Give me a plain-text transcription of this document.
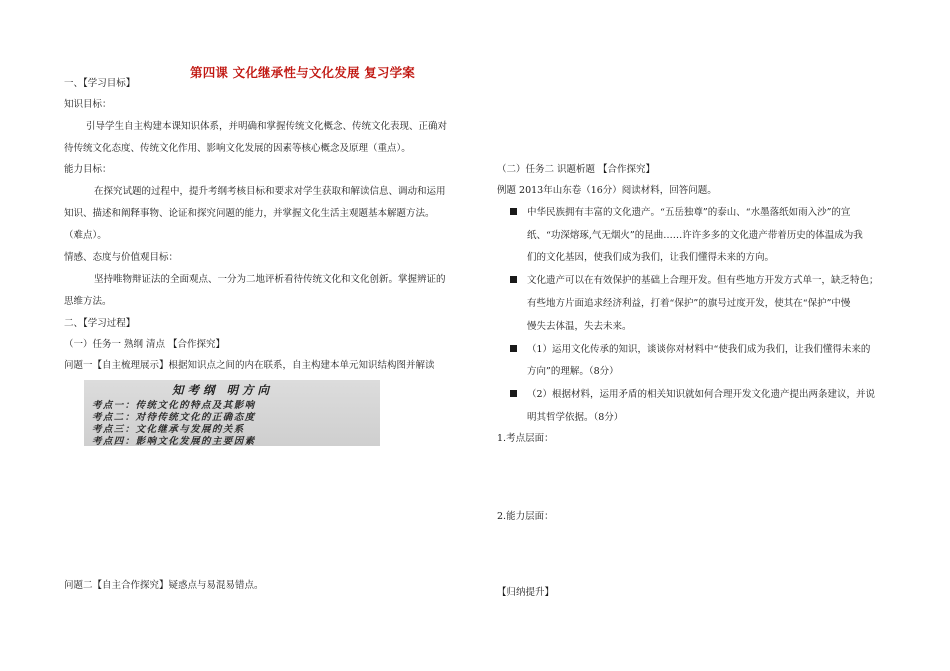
第四课 文化继承性与文化发展 复习学案
一、【学习目标】
知识目标：
引导学生自主构建本课知识体系，并明确和掌握传统文化概念、传统文化表现、正确对
待传统文化态度、传统文化作用、影响文化发展的因素等核心概念及原理（重点）。
能力目标：
在探究试题的过程中，提升考纲考核目标和要求对学生获取和解读信息、调动和运用
知识、描述和阐释事物、论证和探究问题的能力，并掌握文化生活主观题基本解题方法。
（难点）。
情感、态度与价值观目标：
坚持唯物辩证法的全面观点、一分为二地评析看待传统文化和文化创新。掌握辨证的
思维方法。
二、【学习过程】
（一）任务一 熟纲 清点 【合作探究】
问题一【自主梳理展示】根据知识点之间的内在联系，自主构建本单元知识结构图并解读
知考纲 明方向
考点一：传统文化的特点及其影响
考点二：对待传统文化的正确态度
考点三：文化继承与发展的关系
考点四：影响文化发展的主要因素
问题二【自主合作探究】疑惑点与易混易错点。
（二）任务二 识题析题 【合作探究】
例题 2013年山东卷（16分）阅读材料，回答问题。
中华民族拥有丰富的文化遗产。“五岳独尊”的泰山、“水墨落纸如雨入沙”的宣
纸、“功深熔琢,气无烟火”的昆曲……许许多多的文化遗产带着历史的体温成为我
们的文化基因，使我们成为我们，让我们懂得未来的方向。
文化遗产可以在有效保护的基础上合理开发。但有些地方开发方式单一，缺乏特色；
有些地方片面追求经济利益，打着“保护”的旗号过度开发，使其在“保护”中慢
慢失去体温，失去未来。
（1）运用文化传承的知识，谈谈你对材料中“使我们成为我们，让我们懂得未来的
方向”的理解。（8分）
（2）根据材料，运用矛盾的相关知识就如何合理开发文化遗产提出两条建议，并说
明其哲学依据。（8分）
1.考点层面：
2.能力层面：
【归纳提升】
